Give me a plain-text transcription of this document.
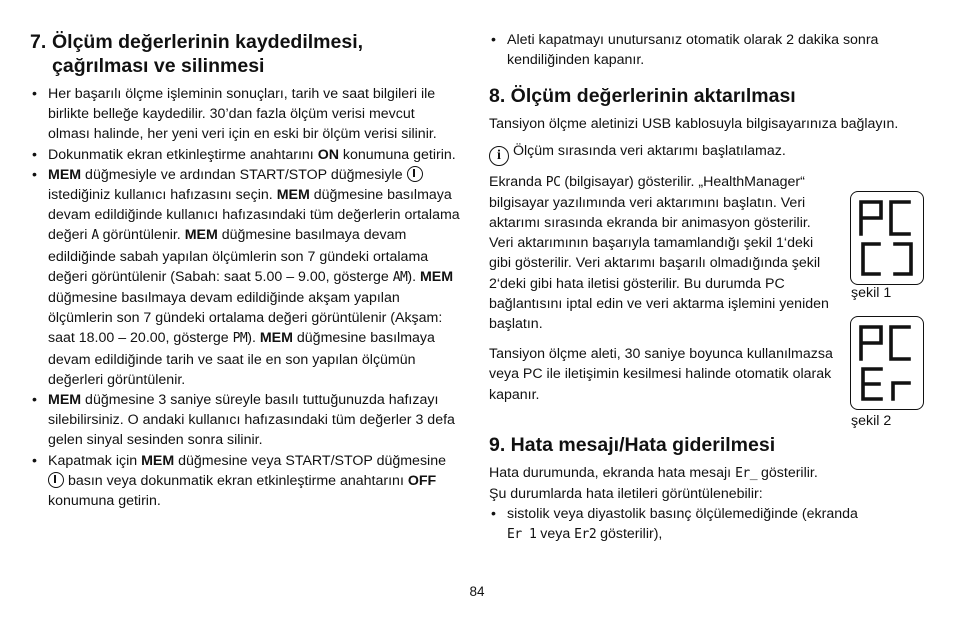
7. Ölçüm değerlerinin kaydedilmesi,
çağrılması ve silinmesi
• Her başarılı ölçme işleminin sonuçları, tarih ve saat bilgileri ile birlikte belleğe kaydedilir. 30’dan fazla ölçüm verisi mevcut olması halinde, her yeni veri için en eski bir ölçüm verisi silinir.
• Dokunmatik ekran etkinleştirme anahtarını ON konumuna getirin.
• MEM düğmesiyle ve ardından START/STOP düğmesiyle  istediğiniz kullanıcı hafızasını seçin. MEM düğmesine basılmaya devam edildiğinde kullanıcı hafızasındaki tüm değerlerin ortalama değeri A görüntülenir. MEM düğmesine basılmaya devam edildiğinde sabah yapılan ölçümlerin son 7 gündeki ortalama değeri görüntülenir (Sabah: saat 5.00 – 9.00, gösterge AM). MEM düğmesine basılmaya devam edildiğinde akşam yapılan ölçümlerin son 7 gündeki ortalama değeri görüntülenir (Akşam: saat 18.00 – 20.00, gösterge PM). MEM düğmesine basılmaya devam edildiğinde tarih ve saat ile en son yapılan ölçümün değerleri görüntülenir.
• MEM düğmesine 3 saniye süreyle basılı tuttuğunuzda hafızayı silebilirsiniz. O andaki kullanıcı hafızasındaki tüm değerler 3 defa gelen sinyal sesinden sonra silinir.
• Kapatmak için MEM düğmesine veya START/STOP düğmesine  basın veya dokunmatik ekran etkinleştirme anahtarını OFF konumuna getirin.
• Aleti kapatmayı unutursanız otomatik olarak 2 dakika sonra kendiliğinden kapanır.
8. Ölçüm değerlerinin aktarılması

Tansiyon ölçme aletinizi USB kablosuyla bilgisayarınıza bağlayın.

i Ölçüm sırasında veri aktarımı başlatılamaz.

Ekranda PC (bilgisayar) gösterilir. „HealthManager“ bilgisayar yazılımında veri aktarımını başlatın. Veri aktarımı sırasında ekranda bir animasyon gösterilir. Veri aktarımının başarıyla tamamlandığı şekil 1‘deki gibi gösterilir. Veri aktarımı başarılı olmadığında şekil 2‘deki gibi hata iletisi gösterilir. Bu durumda PC bağlantısını iptal edin ve veri aktarma işlemini yeniden başlatın.

Tansiyon ölçme aleti, 30 saniye boyunca kullanılmazsa veya PC ile iletişimin kesilmesi halinde otomatik olarak kapanır.

9. Hata mesajı/Hata giderilmesi

Hata durumunda, ekranda hata mesajı Er_ gösterilir.

Şu durumlarda hata iletileri görüntülenebilir:

• sistolik veya diyastolik basınç ölçülemediğinde (ekranda
Er 1 veya Er2 gösterilir),
şekil 1
şekil 2
84
